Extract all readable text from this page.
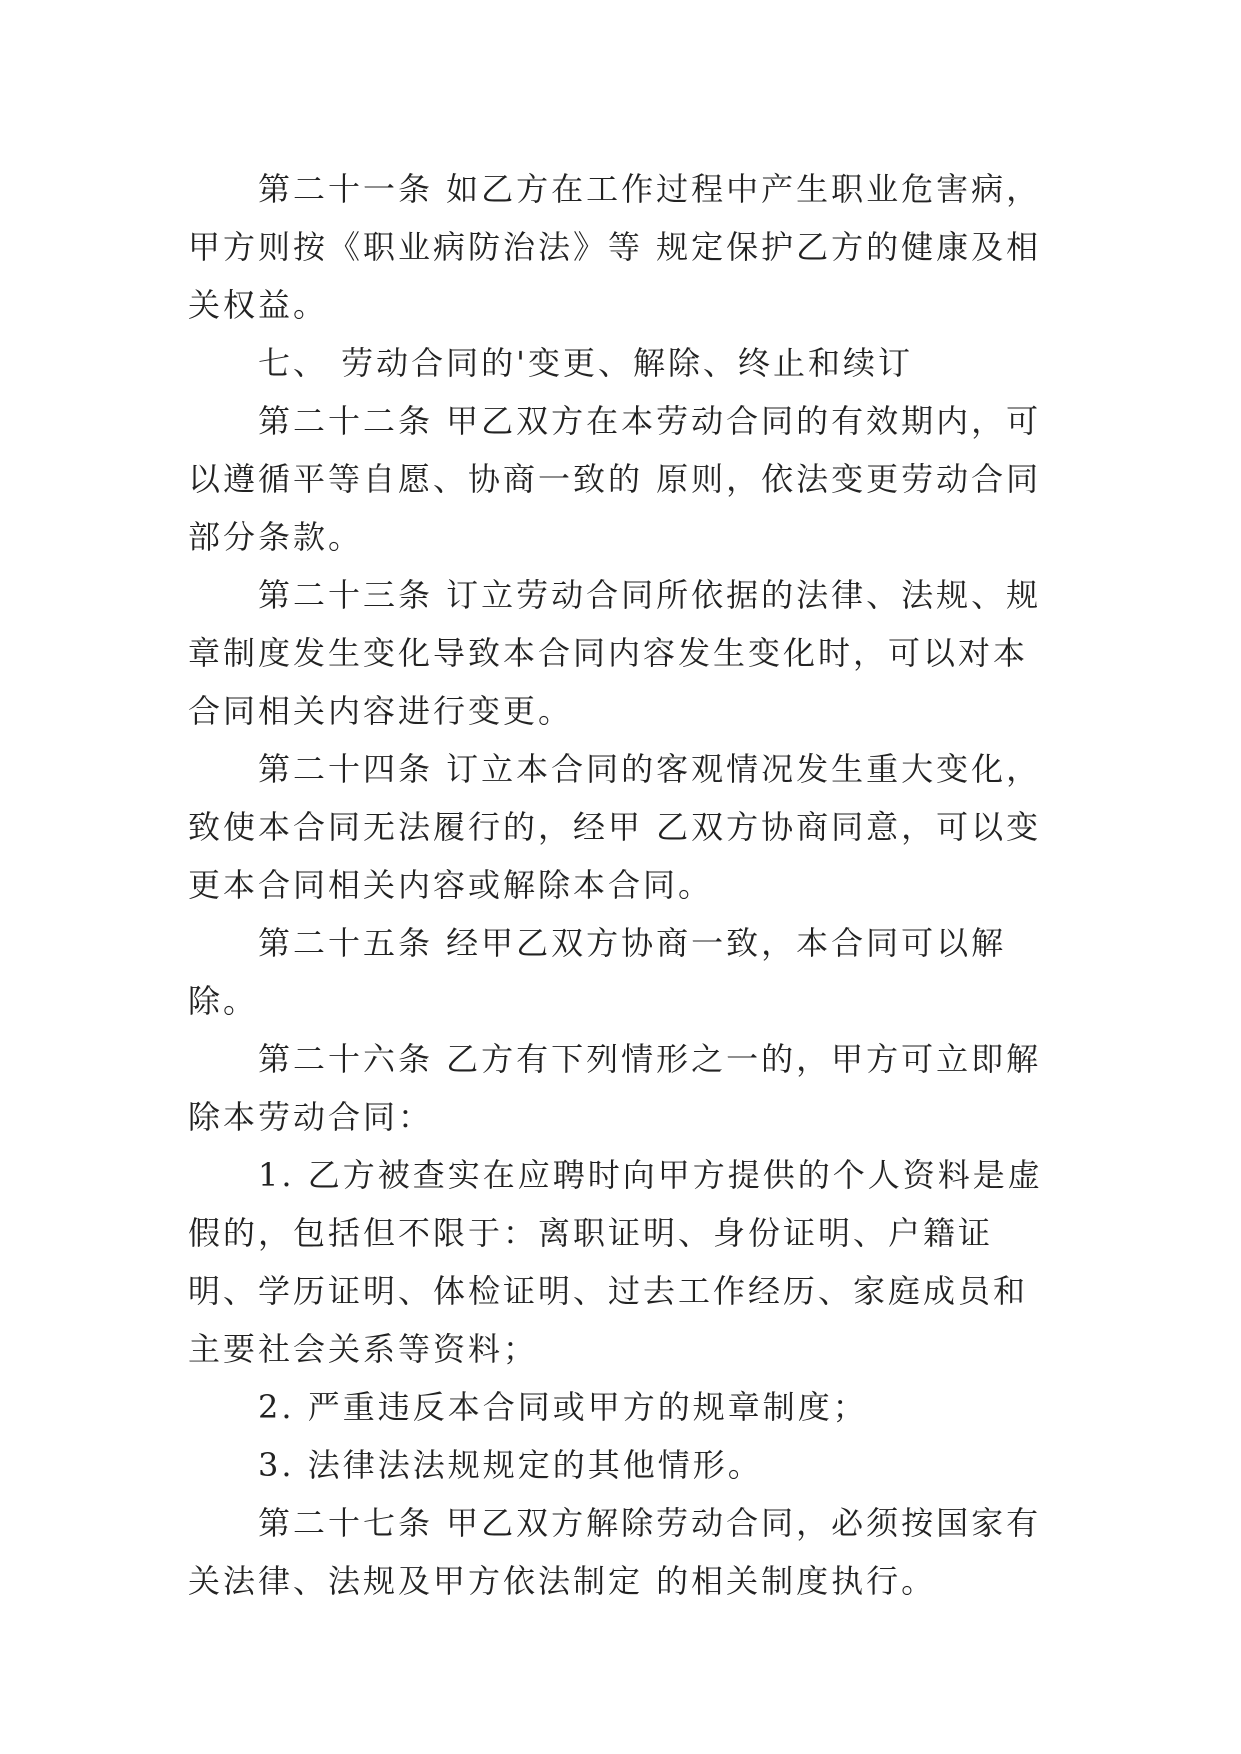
第二十一条 如乙方在工作过程中产生职业危害病，甲方则按《职业病防治法》等 规定保护乙方的健康及相关权益。

七、 劳动合同的'变更、解除、终止和续订

第二十二条 甲乙双方在本劳动合同的有效期内，可以遵循平等自愿、协商一致的 原则，依法变更劳动合同部分条款。

第二十三条 订立劳动合同所依据的法律、法规、规章制度发生变化导致本合同内容发生变化时，可以对本合同相关内容进行变更。

第二十四条 订立本合同的客观情况发生重大变化，致使本合同无法履行的，经甲 乙双方协商同意，可以变更本合同相关内容或解除本合同。

第二十五条 经甲乙双方协商一致，本合同可以解除。

第二十六条 乙方有下列情形之一的，甲方可立即解除本劳动合同：

1. 乙方被查实在应聘时向甲方提供的个人资料是虚假的，包括但不限于：离职证明、身份证明、户籍证明、学历证明、体检证明、过去工作经历、家庭成员和主要社会关系等资料；

2. 严重违反本合同或甲方的规章制度；

3. 法律法法规规定的其他情形。

第二十七条 甲乙双方解除劳动合同，必须按国家有关法律、法规及甲方依法制定 的相关制度执行。
